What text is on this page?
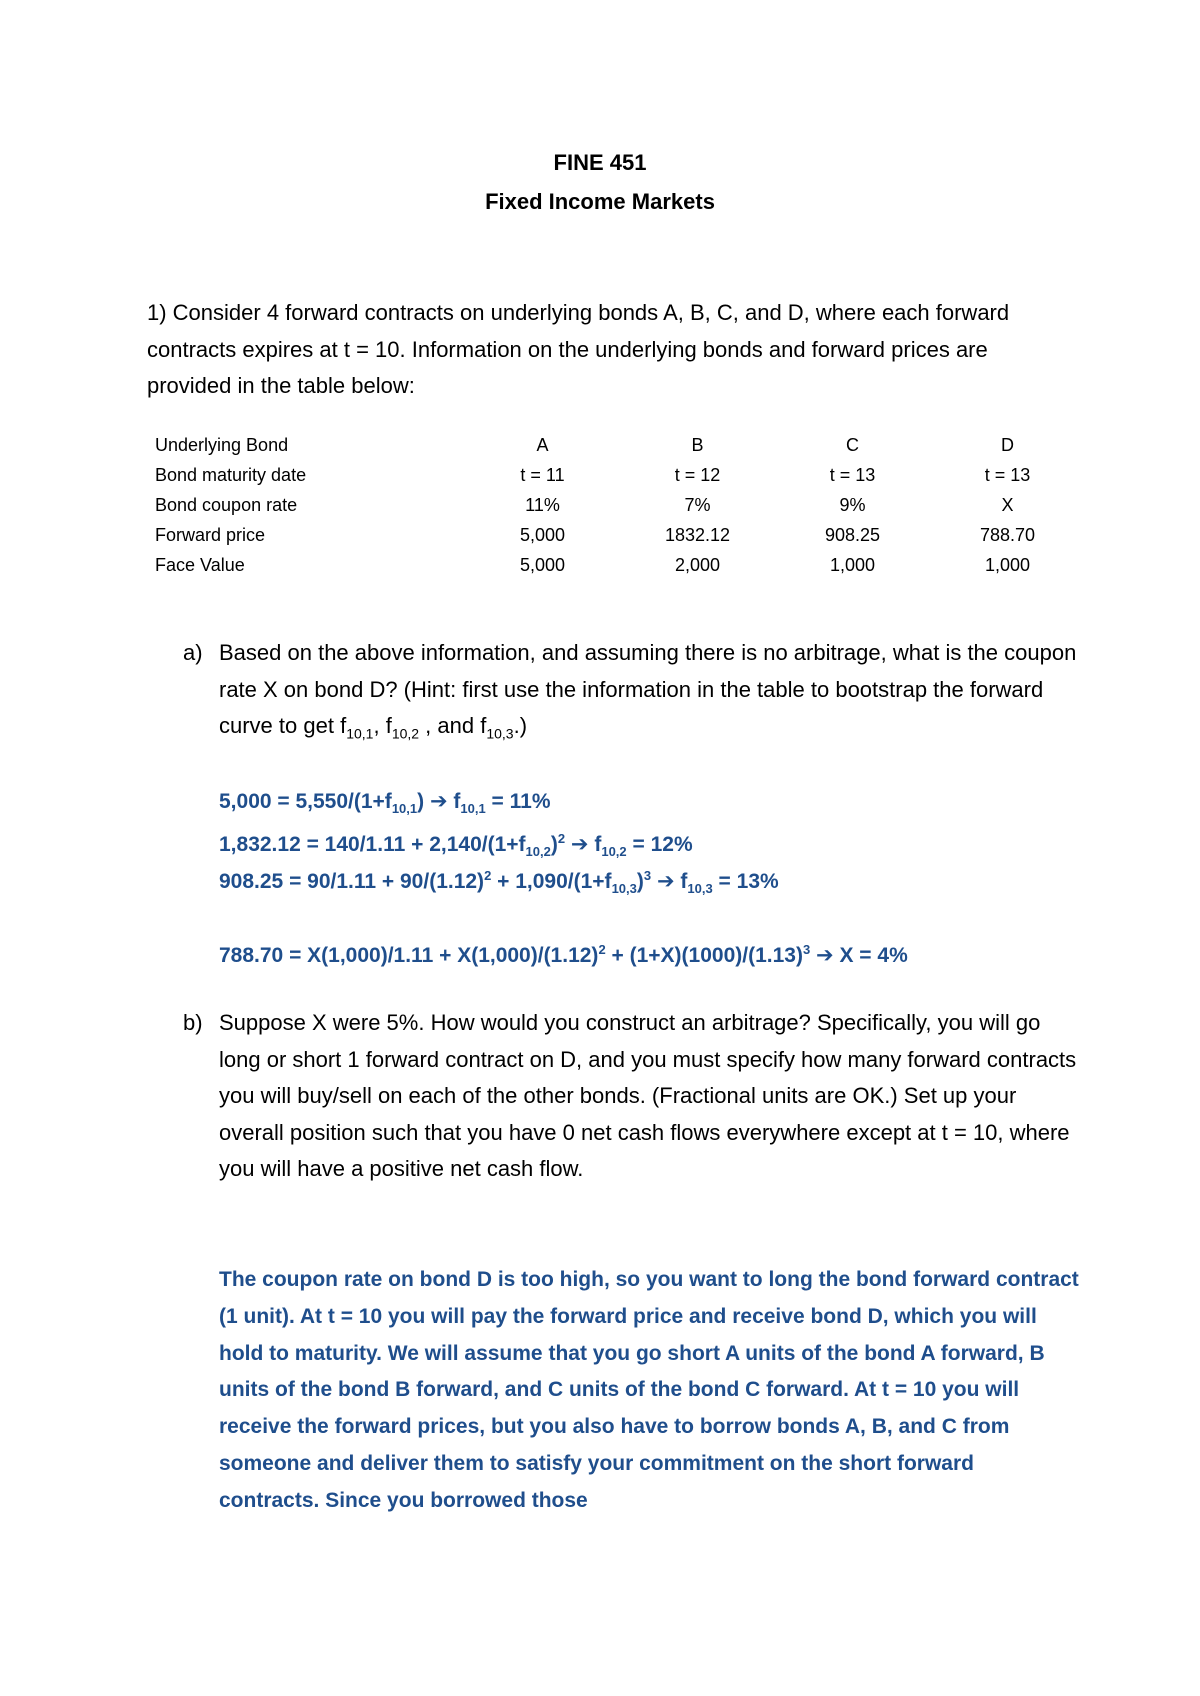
FINE 451
Fixed Income Markets

1) Consider 4 forward contracts on underlying bonds A, B, C, and D, where each forward contracts expires at t = 10. Information on the underlying bonds and forward prices are provided in the table below:

Underlying Bond	A	B	C	D
Bond maturity date	t = 11	t = 12	t = 13	t = 13
Bond coupon rate	11%	7%	9%	X
Forward price	5,000	1832.12	908.25	788.70
Face Value	5,000	2,000	1,000	1,000
a) Based on the above information, and assuming there is no arbitrage, what is the coupon rate X on bond D? (Hint: first use the information in the table to bootstrap the forward curve to get $f_{10,1}$, $f_{10,2}$ , and $f_{10,3}$.)

$5,000 = 5,550/(1+f_{10,1})$ ➔ $f_{10,1} = 11\%$
$1,832.12 = 140/1.11 + 2,140/(1+f_{10,2})^2$ ➔ $f_{10,2} = 12\%$
$908.25 = 90/1.11 + 90/(1.12)^2 + 1,090/(1+f_{10,3})^3$ ➔ $f_{10,3} = 13\%$
$788.70 = X(1,000)/1.11 + X(1,000)/(1.12)^2 + (1+X)(1000)/(1.13)^3$ ➔ X = 4%
b) Suppose X were 5%. How would you construct an arbitrage? Specifically, you will go long or short 1 forward contract on D, and you must specify how many forward contracts you will buy/sell on each of the other bonds. (Fractional units are OK.) Set up your overall position such that you have 0 net cash flows everywhere except at t = 10, where you will have a positive net cash flow.

The coupon rate on bond D is too high, so you want to long the bond forward contract (1 unit). At t = 10 you will pay the forward price and receive bond D, which you will hold to maturity. We will assume that you go short A units of the bond A forward, B units of the bond B forward, and C units of the bond C forward. At t = 10 you will receive the forward prices, but you also have to borrow bonds A, B, and C from someone and deliver them to satisfy your commitment on the short forward contracts. Since you borrowed those
